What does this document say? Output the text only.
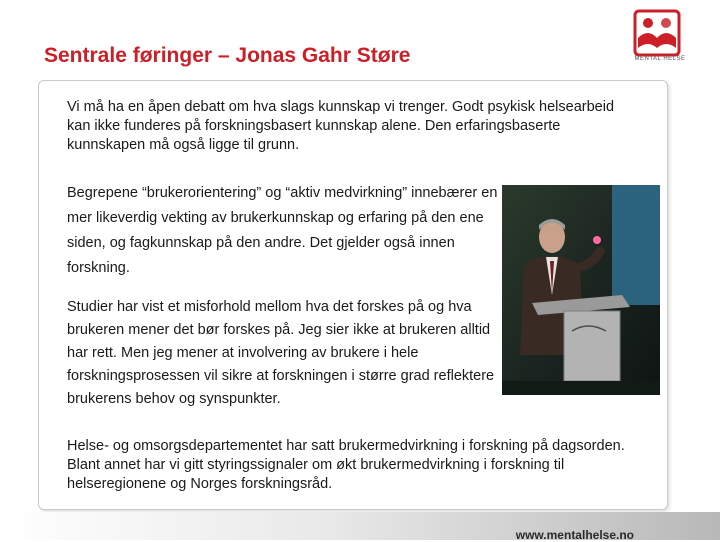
Sentrale føringer – Jonas Gahr Støre	MENTAL HELSE
Vi må ha en åpen debatt om hva slags kunnskap vi trenger. Godt psykisk helsearbeid kan ikke funderes på forskningsbasert kunnskap alene. Den erfaringsbaserte kunnskapen må også ligge til grunn.
Begrepene “brukerorientering” og “aktiv medvirkning” innebærer en mer likeverdig vekting av brukerkunnskap og erfaring på den ene siden, og fagkunnskap på den andre. Det gjelder også innen forskning.
Studier har vist et misforhold mellom hva det forskes på og hva brukeren mener det bør forskes på. Jeg sier ikke at brukeren alltid har rett. Men jeg mener at involvering av brukere i hele forskningsprosessen vil sikre at forskningen i større grad reflektere brukerens behov og synspunkter.
Helse- og omsorgsdepartementet har satt brukermedvirkning i forskning på dagsorden. Blant annet har vi gitt styringssignaler om økt brukermedvirkning i forskning til helseregionene og Norges forskningsråd.
www.mentalhelse.no
